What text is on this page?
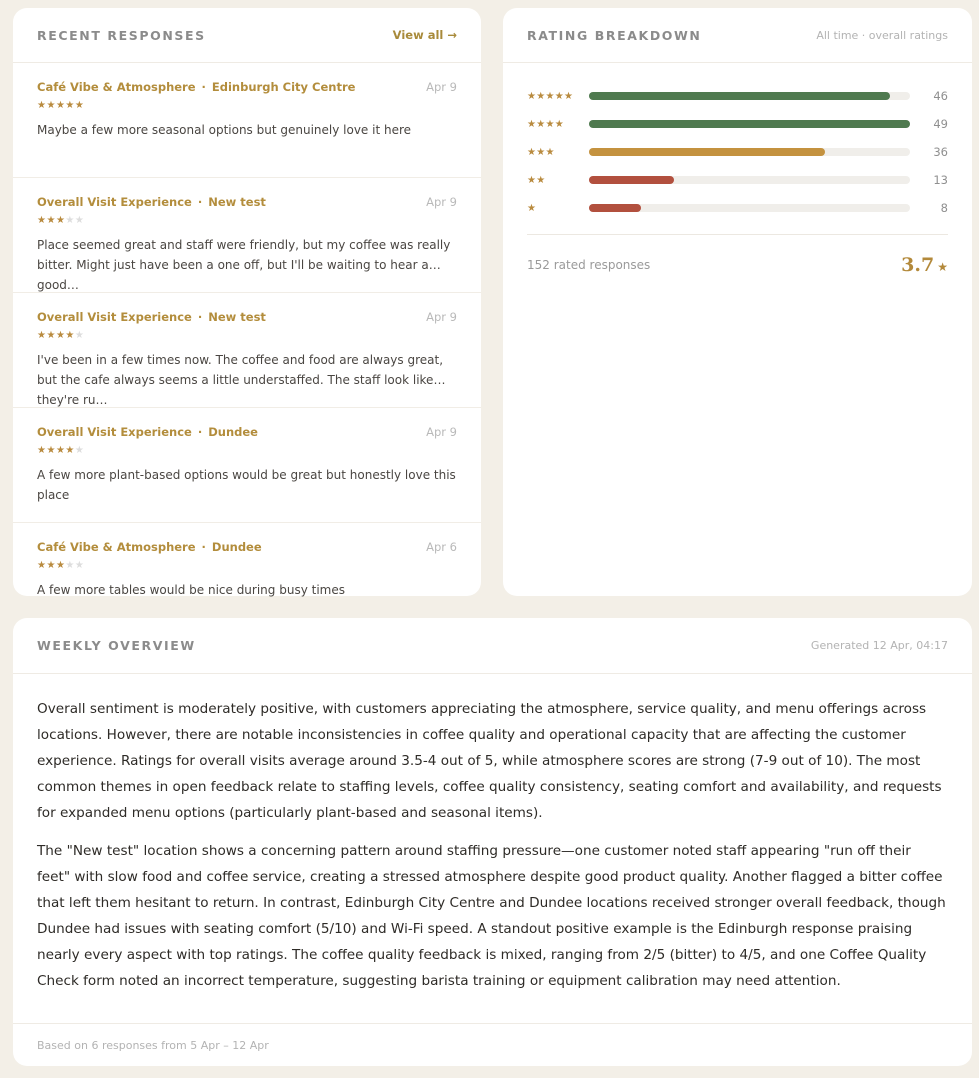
RECENT RESPONSES	View all →
Café Vibe & Atmosphere · Edinburgh City Centre	Apr 9
★★★★★
Maybe a few more seasonal options but genuinely love it here
Overall Visit Experience · New test	Apr 9
★★★★★
Place seemed great and staff were friendly, but my coffee was really bitter. Might just have been a one off, but I'll be waiting to hear a good…
Overall Visit Experience · New test	Apr 9
★★★★★
I've been in a few times now. The coffee and food are always great, but the cafe always seems a little understaffed. The staff look like they're ru…
Overall Visit Experience · Dundee	Apr 9
★★★★★
A few more plant-based options would be great but honestly love this place
Café Vibe & Atmosphere · Dundee	Apr 6
★★★★★
A few more tables would be nice during busy times
RATING BREAKDOWN	All time · overall ratings
★★★★★	46
★★★★	49
★★★	36
★★	13
★	8
152 rated responses	3.7 ★
WEEKLY OVERVIEW	Generated 12 Apr, 04:17

Overall sentiment is moderately positive, with customers appreciating the atmosphere, service quality, and menu offerings across locations. However, there are notable inconsistencies in coffee quality and operational capacity that are affecting the customer experience. Ratings for overall visits average around 3.5-4 out of 5, while atmosphere scores are strong (7-9 out of 10). The most common themes in open feedback relate to staffing levels, coffee quality consistency, seating comfort and availability, and requests for expanded menu options (particularly plant-based and seasonal items).

The "New test" location shows a concerning pattern around staffing pressure—one customer noted staff appearing "run off their feet" with slow food and coffee service, creating a stressed atmosphere despite good product quality. Another flagged a bitter coffee that left them hesitant to return. In contrast, Edinburgh City Centre and Dundee locations received stronger overall feedback, though Dundee had issues with seating comfort (5/10) and Wi-Fi speed. A standout positive example is the Edinburgh response praising nearly every aspect with top ratings. The coffee quality feedback is mixed, ranging from 2/5 (bitter) to 4/5, and one Coffee Quality Check form noted an incorrect temperature, suggesting barista training or equipment calibration may need attention.

Based on 6 responses from 5 Apr – 12 Apr
